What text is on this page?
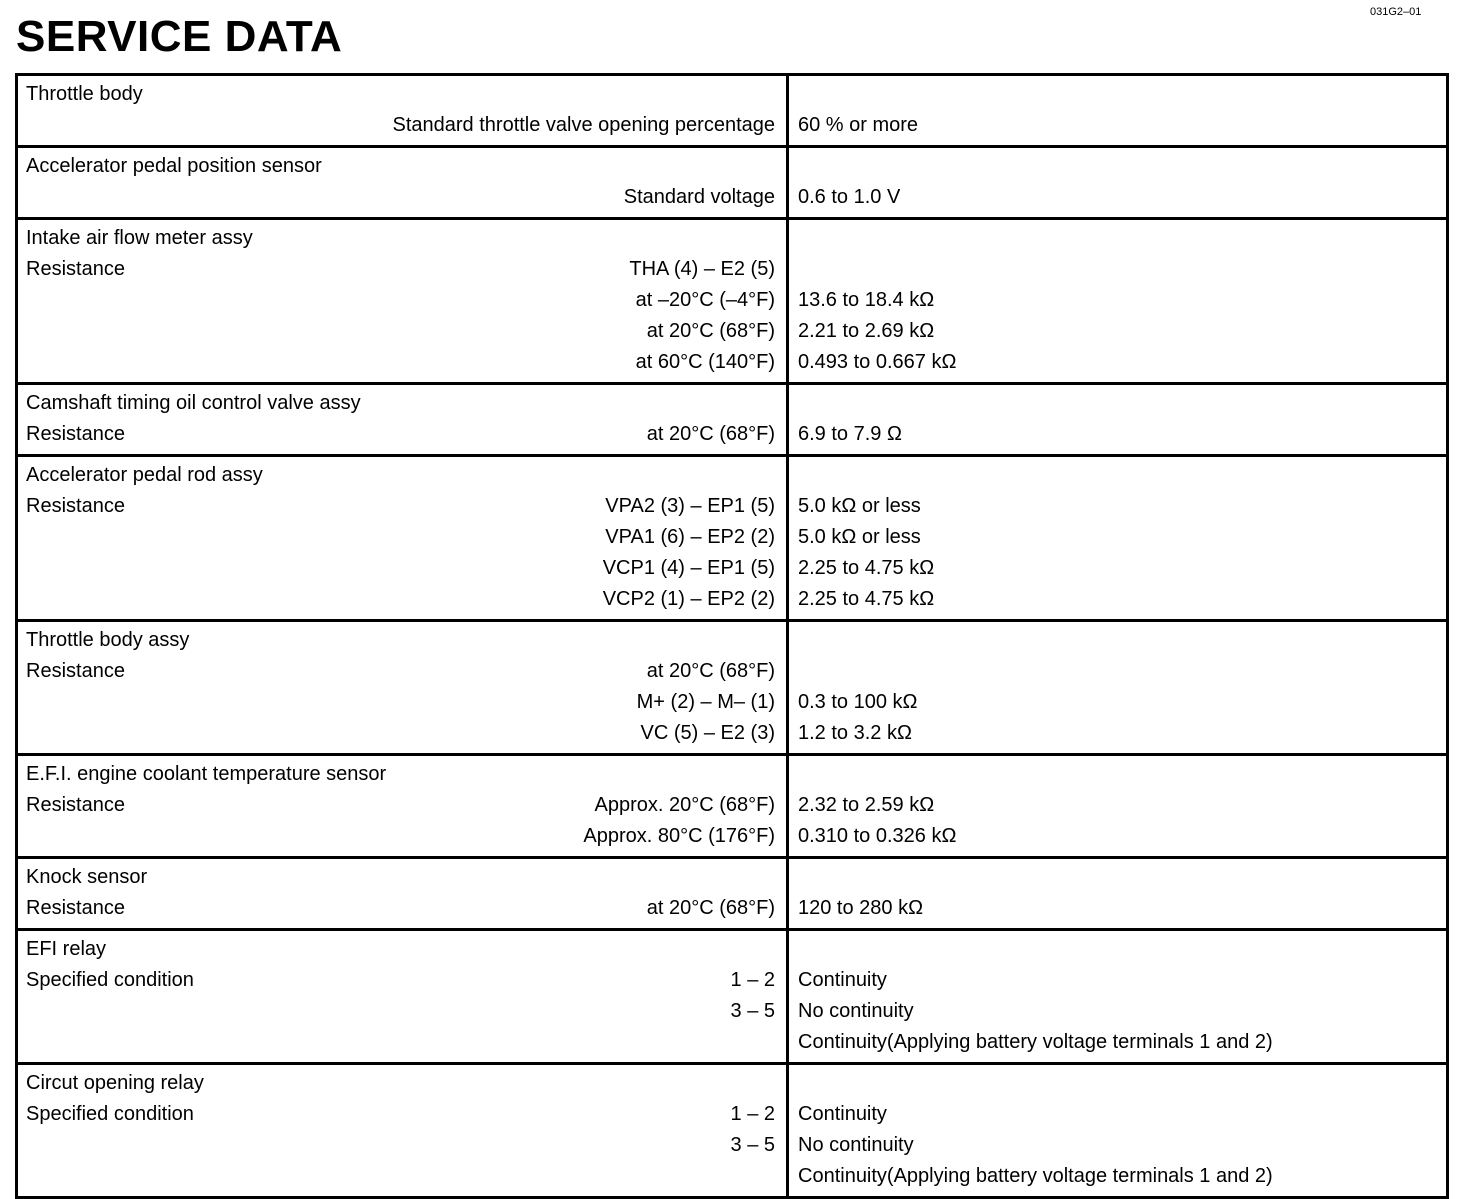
031G2–01
SERVICE DATA
Throttle body
Standard throttle valve opening percentage	60 % or more
Accelerator pedal position sensor
Standard voltage	0.6 to 1.0 V
Intake air flow meter assy
Resistance	THA (4) – E2 (5)
at –20°C (–4°F)	13.6 to 18.4 kΩ
at 20°C (68°F)	2.21 to 2.69 kΩ
at 60°C (140°F)	0.493 to 0.667 kΩ
Camshaft timing oil control valve assy
Resistance	at 20°C (68°F)	6.9 to 7.9 Ω
Accelerator pedal rod assy
Resistance	VPA2 (3) – EP1 (5)	5.0 kΩ or less
VPA1 (6) – EP2 (2)	5.0 kΩ or less
VCP1 (4) – EP1 (5)	2.25 to 4.75 kΩ
VCP2 (1) – EP2 (2)	2.25 to 4.75 kΩ
Throttle body assy
Resistance	at 20°C (68°F)
M+ (2) – M– (1)	0.3 to 100 kΩ
VC (5) – E2 (3)	1.2 to 3.2 kΩ
E.F.I. engine coolant temperature sensor
Resistance	Approx. 20°C (68°F)	2.32 to 2.59 kΩ
Approx. 80°C (176°F)	0.310 to 0.326 kΩ
Knock sensor
Resistance	at 20°C (68°F)	120 to 280 kΩ
EFI relay
Specified condition	1 – 2	Continuity
3 – 5	No continuity
Continuity(Applying battery voltage terminals 1 and 2)
Circut opening relay
Specified condition	1 – 2	Continuity
3 – 5	No continuity
Continuity(Applying battery voltage terminals 1 and 2)
